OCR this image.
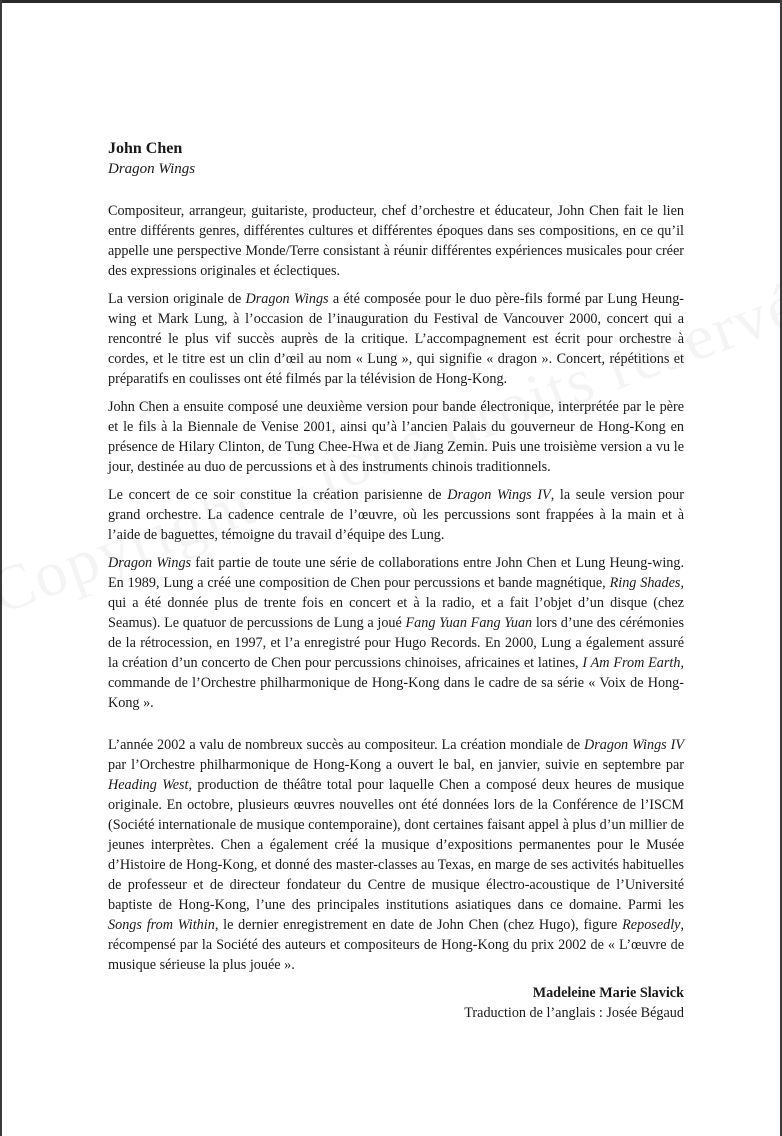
John Chen

Dragon Wings

Compositeur, arrangeur, guitariste, producteur, chef d’orchestre et éducateur, John Chen fait le lien entre différents genres, différentes cultures et différentes époques dans ses compositions, en ce qu’il appelle une perspective Monde/Terre consistant à réunir différentes expériences musicales pour créer des expressions originales et éclectiques.

La version originale de Dragon Wings a été composée pour le duo père-fils formé par Lung Heung-wing et Mark Lung, à l’occasion de l’inauguration du Festival de Vancouver 2000, concert qui a rencontré le plus vif succès auprès de la critique. L’accompagnement est écrit pour orchestre à cordes, et le titre est un clin d’œil au nom « Lung », qui signifie « dragon ». Concert, répétitions et préparatifs en coulisses ont été filmés par la télévision de Hong-Kong.

John Chen a ensuite composé une deuxième version pour bande électronique, interprétée par le père et le fils à la Biennale de Venise 2001, ainsi qu’à l’ancien Palais du gouverneur de Hong-Kong en présence de Hilary Clinton, de Tung Chee-Hwa et de Jiang Zemin. Puis une troisième version a vu le jour, destinée au duo de percussions et à des instruments chinois traditionnels.

Le concert de ce soir constitue la création parisienne de Dragon Wings IV, la seule version pour grand orchestre. La cadence centrale de l’œuvre, où les percussions sont frappées à la main et à l’aide de baguettes, témoigne du travail d’équipe des Lung.

Dragon Wings fait partie de toute une série de collaborations entre John Chen et Lung Heung-wing. En 1989, Lung a créé une composition de Chen pour percussions et bande magnétique, Ring Shades, qui a été donnée plus de trente fois en concert et à la radio, et a fait l’objet d’un disque (chez Seamus). Le quatuor de percussions de Lung a joué Fang Yuan Fang Yuan lors d’une des cérémonies de la rétrocession, en 1997, et l’a enregistré pour Hugo Records. En 2000, Lung a également assuré la création d’un concerto de Chen pour percussions chinoises, africaines et latines, I Am From Earth, commande de l’Orchestre philharmonique de Hong-Kong dans le cadre de sa série « Voix de Hong-Kong ».

L’année 2002 a valu de nombreux succès au compositeur. La création mondiale de Dragon Wings IV par l’Orchestre philharmonique de Hong-Kong a ouvert le bal, en janvier, suivie en septembre par Heading West, production de théâtre total pour laquelle Chen a composé deux heures de musique originale. En octobre, plusieurs œuvres nouvelles ont été données lors de la Conférence de l’ISCM (Société internationale de musique contemporaine), dont certaines faisant appel à plus d’un millier de jeunes interprètes. Chen a également créé la musique d’expositions permanentes pour le Musée d’Histoire de Hong-Kong, et donné des master-classes au Texas, en marge de ses activités habituelles de professeur et de directeur fondateur du Centre de musique électro-acoustique de l’Université baptiste de Hong-Kong, l’une des principales institutions asiatiques dans ce domaine. Parmi les Songs from Within, le dernier enregistrement en date de John Chen (chez Hugo), figure Reposedly, récompensé par la Société des auteurs et compositeurs de Hong-Kong du prix 2002 de « L’œuvre de musique sérieuse la plus jouée ».

Madeleine Marie Slavick
Traduction de l’anglais : Josée Bégaud
